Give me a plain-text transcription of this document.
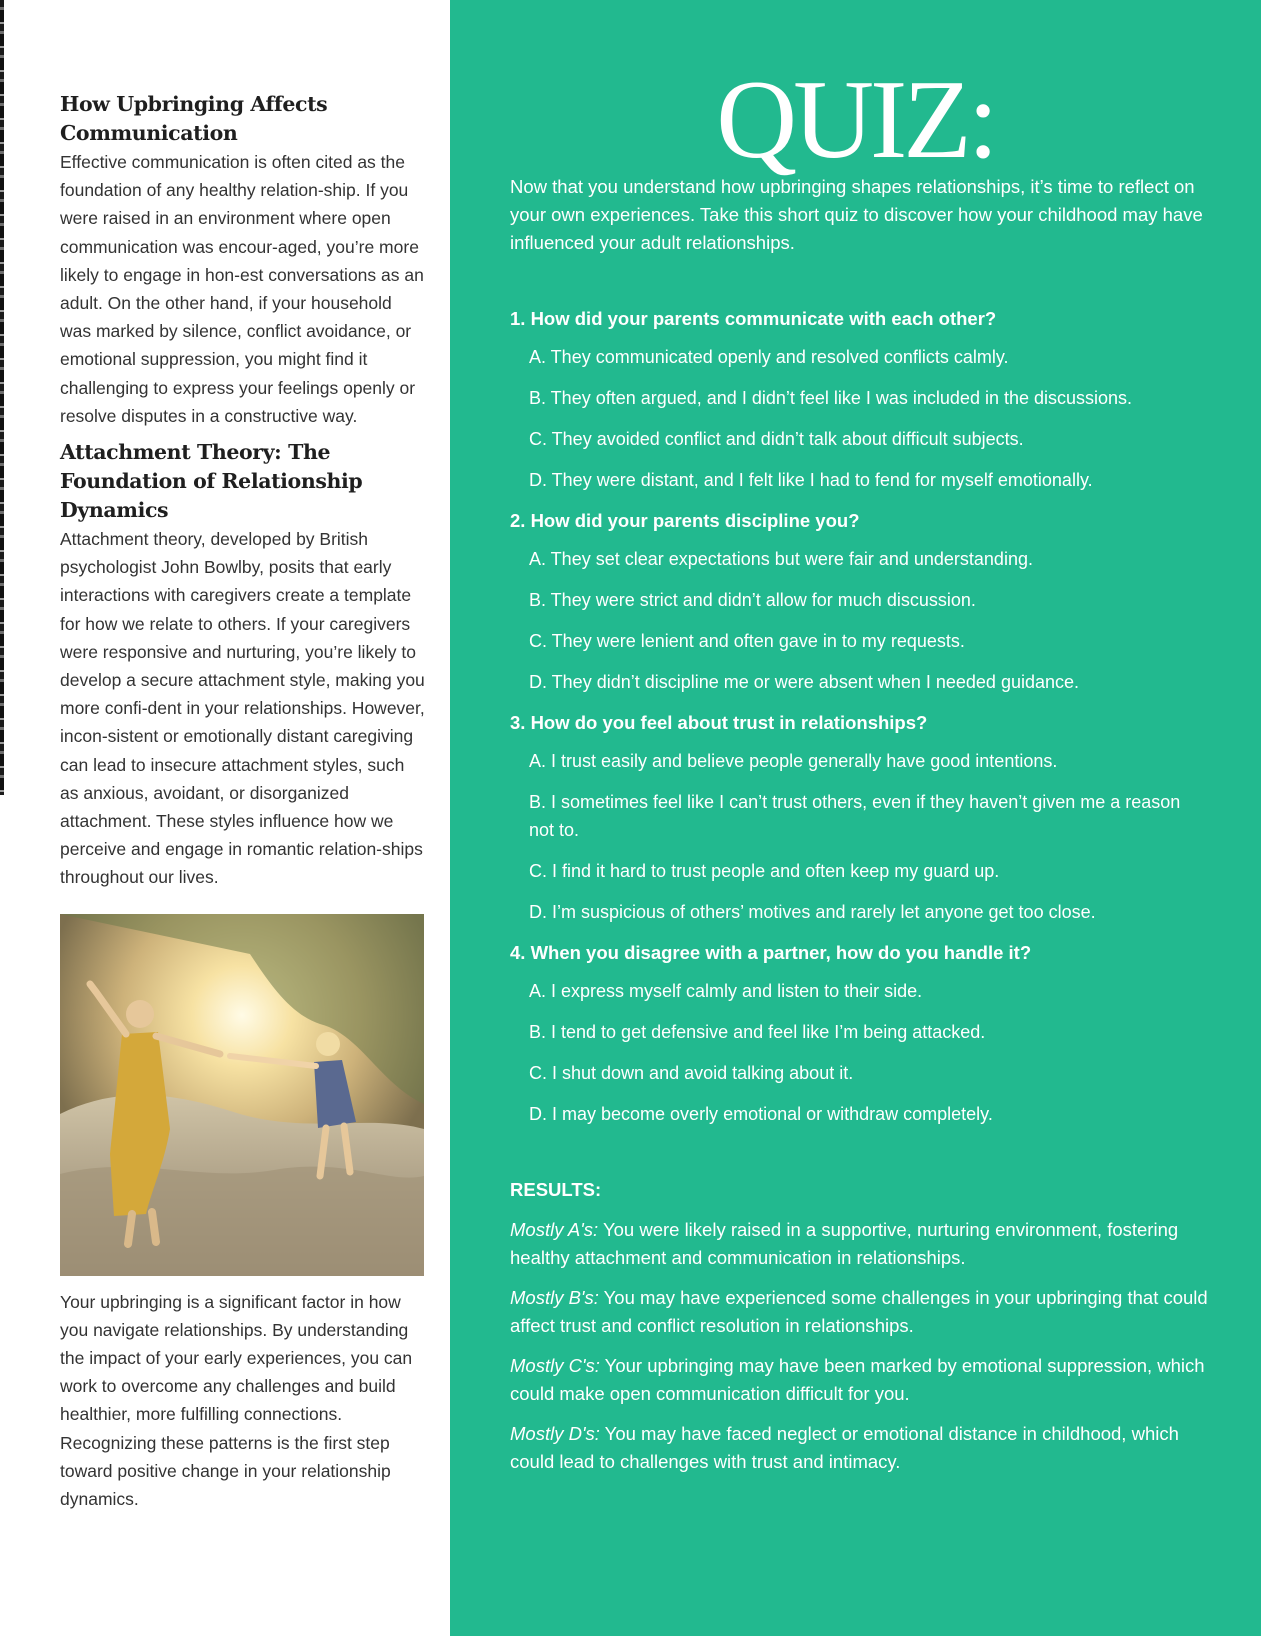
How Upbringing Affects Communication

Effective communication is often cited as the foundation of any healthy relation-ship. If you were raised in an environment where open communication was encour-aged, you’re more likely to engage in hon-est conversations as an adult. On the other hand, if your household was marked by silence, conflict avoidance, or emotional suppression, you might find it challenging to express your feelings openly or resolve disputes in a constructive way.

Attachment Theory: The Foundation of Relationship Dynamics

Attachment theory, developed by British psychologist John Bowlby, posits that early interactions with caregivers create a template for how we relate to others. If your caregivers were responsive and nurturing, you’re likely to develop a secure attachment style, making you more confi-dent in your relationships. However, incon-sistent or emotionally distant caregiving can lead to insecure attachment styles, such as anxious, avoidant, or disorganized attachment. These styles influence how we perceive and engage in romantic relation-ships throughout our lives.

Your upbringing is a significant factor in how you navigate relationships. By understanding the impact of your early experiences, you can work to overcome any challenges and build healthier, more fulfilling connections. Recognizing these patterns is the first step toward positive change in your relationship dynamics.

QUIZ:

Now that you understand how upbringing shapes relationships, it’s time to reflect on your own experiences. Take this short quiz to discover how your childhood may have influenced your adult relationships.

1. How did your parents communicate with each other?

A. They communicated openly and resolved conflicts calmly.
B. They often argued, and I didn’t feel like I was included in the discussions.
C. They avoided conflict and didn’t talk about difficult subjects.
D. They were distant, and I felt like I had to fend for myself emotionally.

2. How did your parents discipline you?

A. They set clear expectations but were fair and understanding.
B. They were strict and didn’t allow for much discussion.
C. They were lenient and often gave in to my requests.
D. They didn’t discipline me or were absent when I needed guidance.

3. How do you feel about trust in relationships?

A. I trust easily and believe people generally have good intentions.
B. I sometimes feel like I can’t trust others, even if they haven’t given me a reason not to.
C. I find it hard to trust people and often keep my guard up.
D. I’m suspicious of others’ motives and rarely let anyone get too close.

4. When you disagree with a partner, how do you handle it?

A. I express myself calmly and listen to their side.
B. I tend to get defensive and feel like I’m being attacked.
C. I shut down and avoid talking about it.
D. I may become overly emotional or withdraw completely.

RESULTS:

Mostly A's: You were likely raised in a supportive, nurturing environment, fostering healthy attachment and communication in relationships.

Mostly B's: You may have experienced some challenges in your upbringing that could affect trust and conflict resolution in relationships.

Mostly C's: Your upbringing may have been marked by emotional suppression, which could make open communication difficult for you.

Mostly D's: You may have faced neglect or emotional distance in childhood, which could lead to challenges with trust and intimacy.
